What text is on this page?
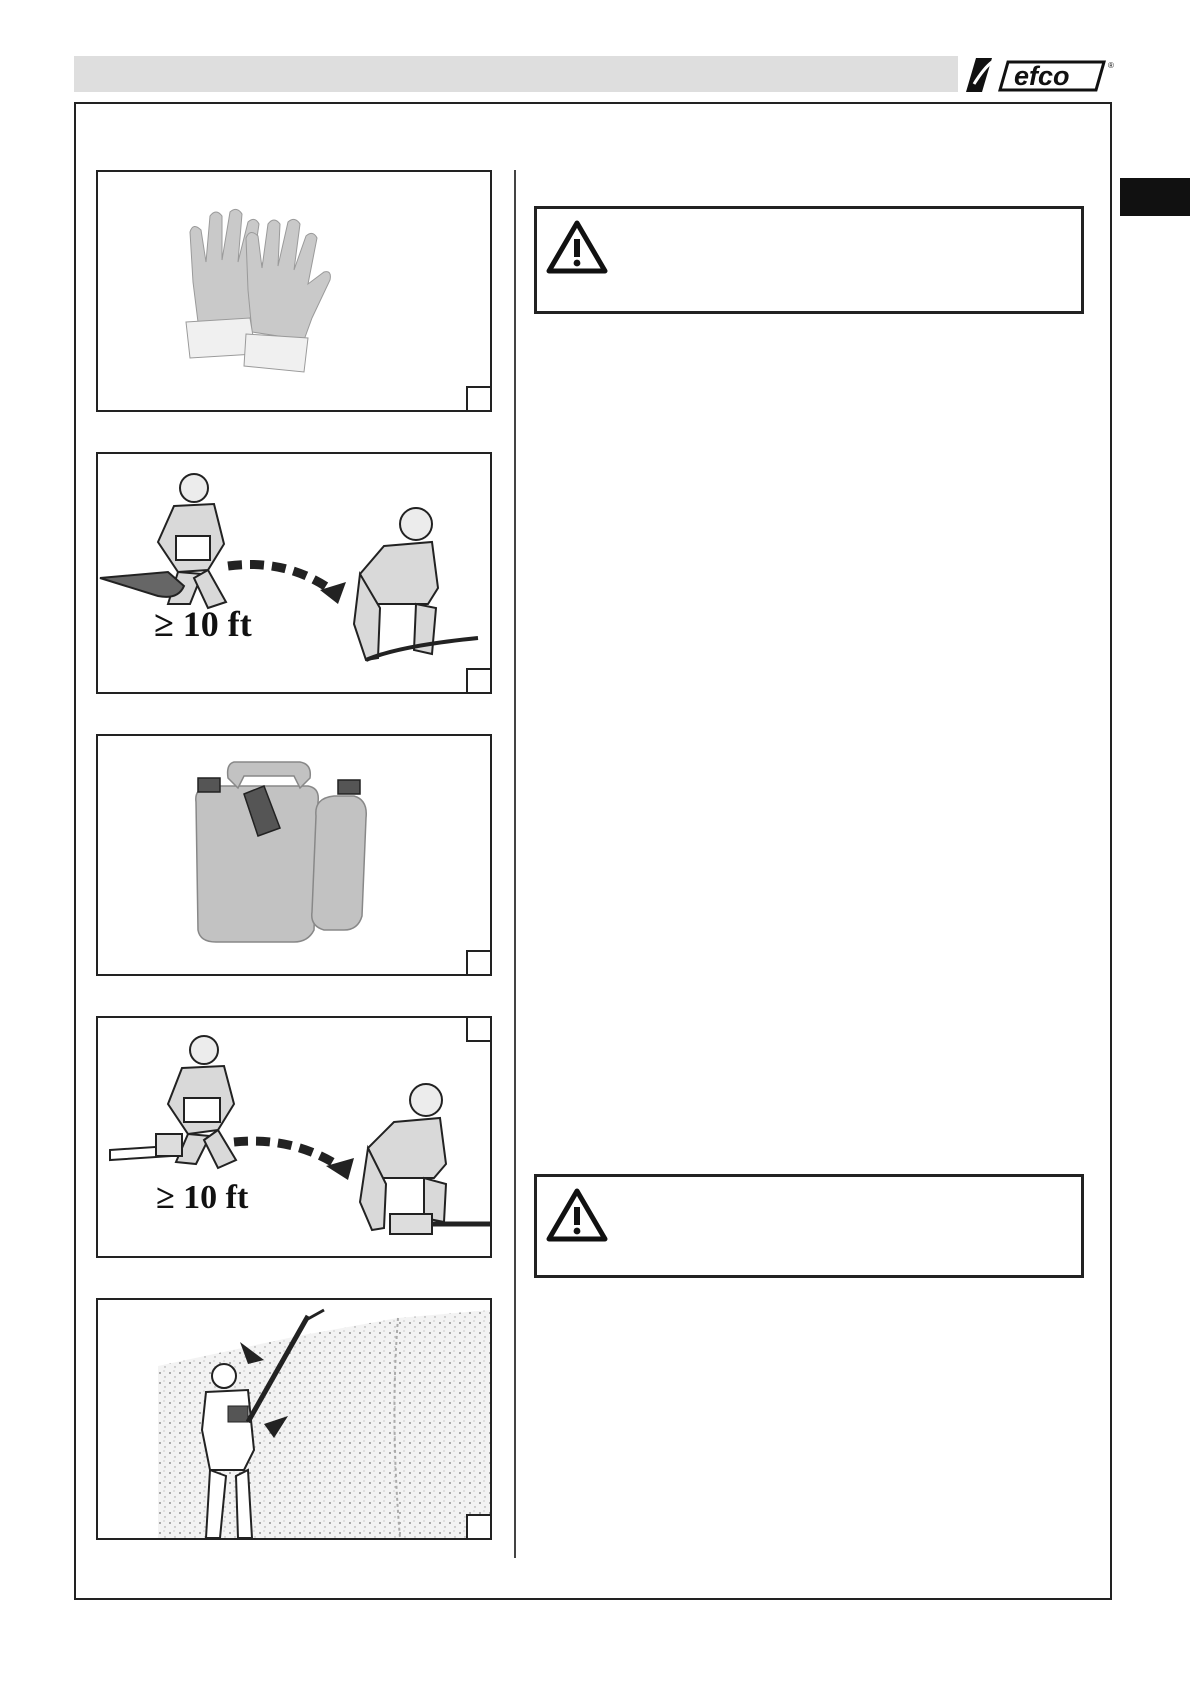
efco	®
≥ 10 ft
≥ 10 ft
